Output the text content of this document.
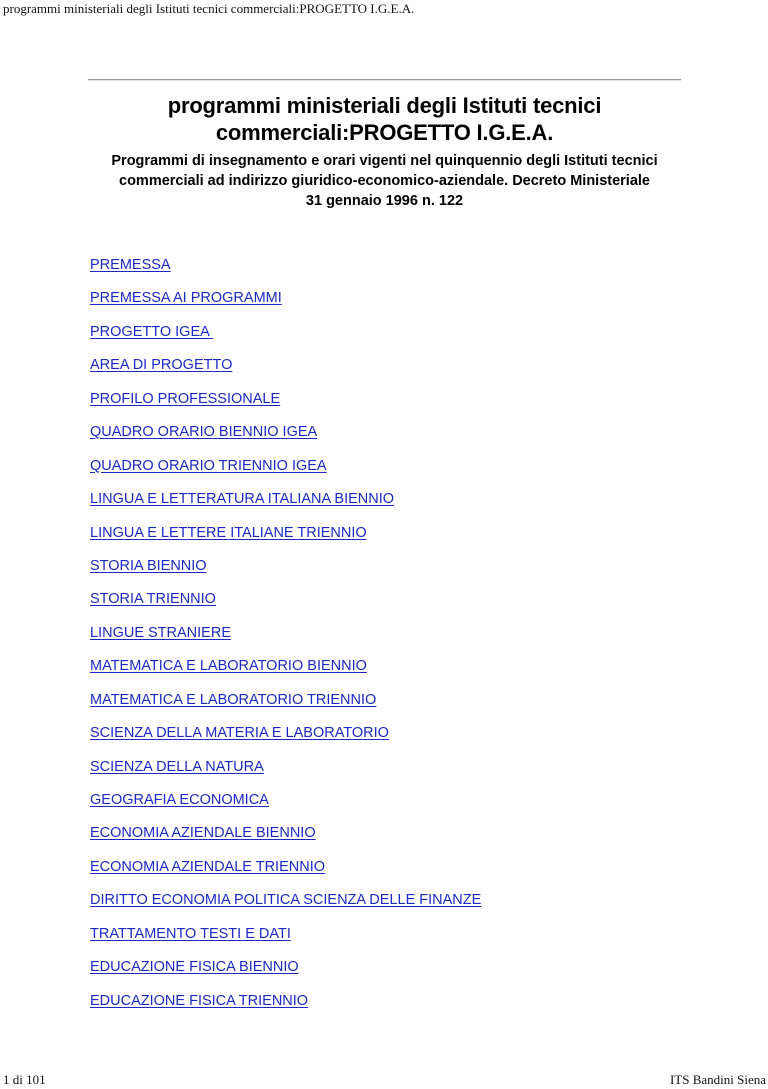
programmi ministeriali degli Istituti tecnici commerciali:PROGETTO I.G.E.A.
programmi ministeriali degli Istituti tecnici
commerciali:PROGETTO I.G.E.A.

Programmi di insegnamento e orari vigenti nel quinquennio degli Istituti tecnici
commerciali ad indirizzo giuridico-economico-aziendale. Decreto Ministeriale
31 gennaio 1996 n. 122

PREMESSA
PREMESSA AI PROGRAMMI
PROGETTO IGEA
AREA DI PROGETTO
PROFILO PROFESSIONALE
QUADRO ORARIO BIENNIO IGEA
QUADRO ORARIO TRIENNIO IGEA
LINGUA E LETTERATURA ITALIANA BIENNIO
LINGUA E LETTERE ITALIANE TRIENNIO
STORIA BIENNIO
STORIA TRIENNIO
LINGUE STRANIERE
MATEMATICA E LABORATORIO BIENNIO
MATEMATICA E LABORATORIO TRIENNIO
SCIENZA DELLA MATERIA E LABORATORIO
SCIENZA DELLA NATURA
GEOGRAFIA ECONOMICA
ECONOMIA AZIENDALE BIENNIO
ECONOMIA AZIENDALE TRIENNIO
DIRITTO ECONOMIA POLITICA SCIENZA DELLE FINANZE
TRATTAMENTO TESTI E DATI
EDUCAZIONE FISICA BIENNIO
EDUCAZIONE FISICA TRIENNIO
1 di 101	ITS Bandini Siena
